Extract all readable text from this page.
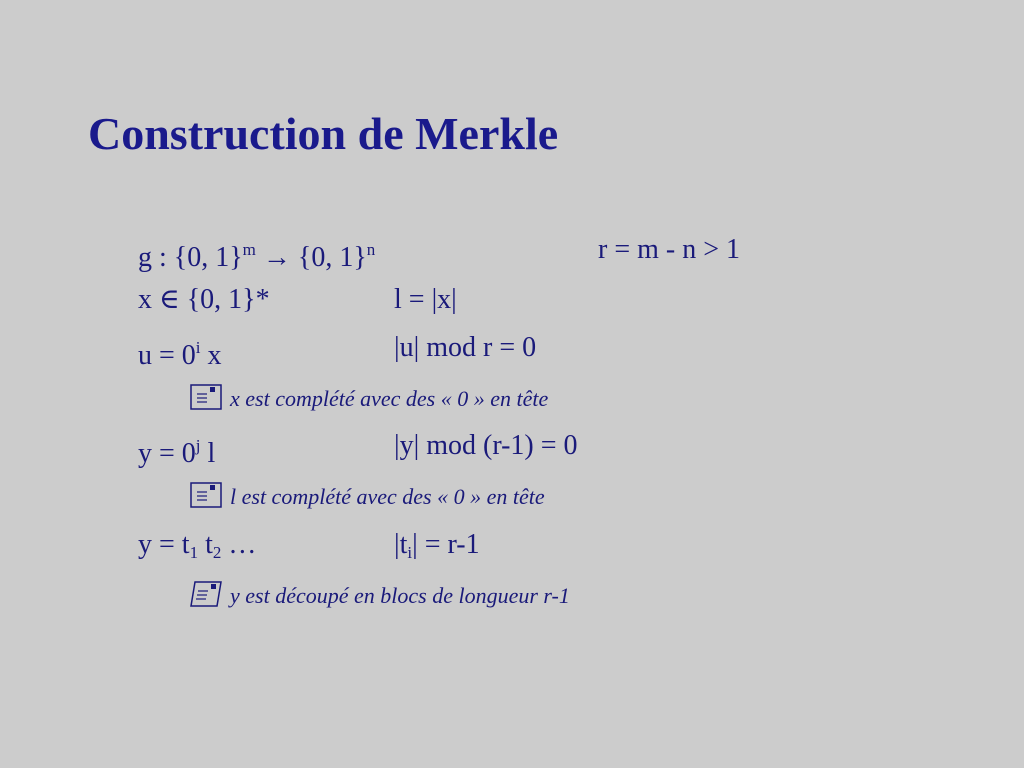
Construction de Merkle
g : {0, 1}$^m$ → {0, 1}$^n$	r = m - n > 1
x ∈ {0, 1}*	l = |x|
$u = 0^i$ x	|u| mod r = 0
x est complété avec des « 0 » en tête
$y = 0^j$ l	|y| mod (r-1) = 0
l est complété avec des « 0 » en tête
$y = t_1$ $t_2$ …	$|t_i| = r-1$
y est découpé en blocs de longueur r-1
